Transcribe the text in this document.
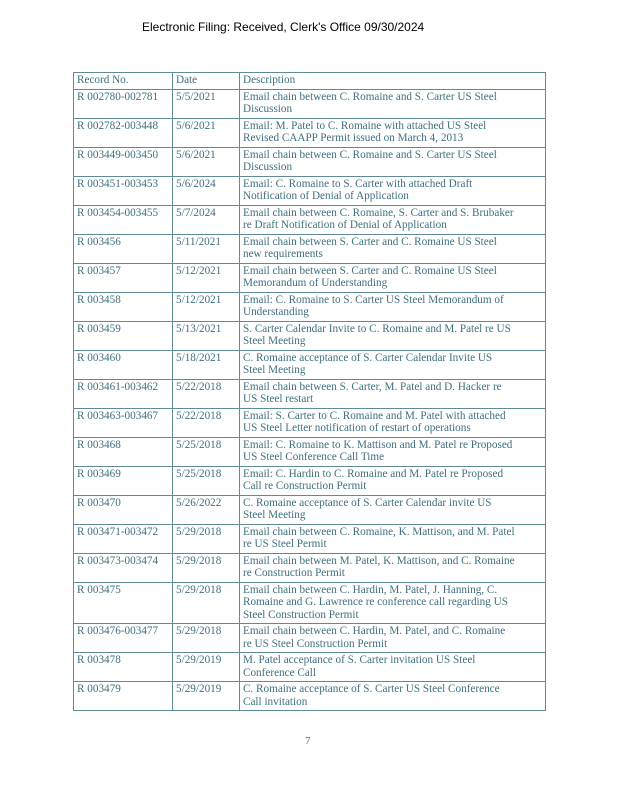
Electronic Filing: Received, Clerk's Office 09/30/2024
Record No.	Date	Description
R 002780-002781	5/5/2021	Email chain between C. Romaine and S. Carter US Steel
Discussion

R 002782-003448	5/6/2021	Email: M. Patel to C. Romaine with attached US Steel
Revised CAAPP Permit issued on March 4, 2013

R 003449-003450	5/6/2021	Email chain between C. Romaine and S. Carter US Steel
Discussion

R 003451-003453	5/6/2024	Email: C. Romaine to S. Carter with attached Draft
Notification of Denial of Application

R 003454-003455	5/7/2024	Email chain between C. Romaine, S. Carter and S. Brubaker
re Draft Notification of Denial of Application

R 003456	5/11/2021	Email chain between S. Carter and C. Romaine US Steel
new requirements

R 003457	5/12/2021	Email chain between S. Carter and C. Romaine US Steel
Memorandum of Understanding

R 003458	5/12/2021	Email: C. Romaine to S. Carter US Steel Memorandum of
Understanding

R 003459	5/13/2021	S. Carter Calendar Invite to C. Romaine and M. Patel re US
Steel Meeting

R 003460	5/18/2021	C. Romaine acceptance of S. Carter Calendar Invite US
Steel Meeting

R 003461-003462	5/22/2018	Email chain between S. Carter, M. Patel and D. Hacker re
US Steel restart

R 003463-003467	5/22/2018	Email: S. Carter to C. Romaine and M. Patel with attached
US Steel Letter notification of restart of operations

R 003468	5/25/2018	Email: C. Romaine to K. Mattison and M. Patel re Proposed
US Steel Conference Call Time

R 003469	5/25/2018	Email: C. Hardin to C. Romaine and M. Patel re Proposed
Call re Construction Permit

R 003470	5/26/2022	C. Romaine acceptance of S. Carter Calendar invite US
Steel Meeting

R 003471-003472	5/29/2018	Email chain between C. Romaine, K. Mattison, and M. Patel
re US Steel Permit

R 003473-003474	5/29/2018	Email chain between M. Patel, K. Mattison, and C. Romaine
re Construction Permit

R 003475	5/29/2018	Email chain between C. Hardin, M. Patel, J. Hanning, C.
Romaine and G. Lawrence re conference call regarding US
Steel Construction Permit

R 003476-003477	5/29/2018	Email chain between C. Hardin, M. Patel, and C. Romaine
re US Steel Construction Permit

R 003478	5/29/2019	M. Patel acceptance of S. Carter invitation US Steel
Conference Call

R 003479	5/29/2019	C. Romaine acceptance of S. Carter US Steel Conference
Call invitation
7
